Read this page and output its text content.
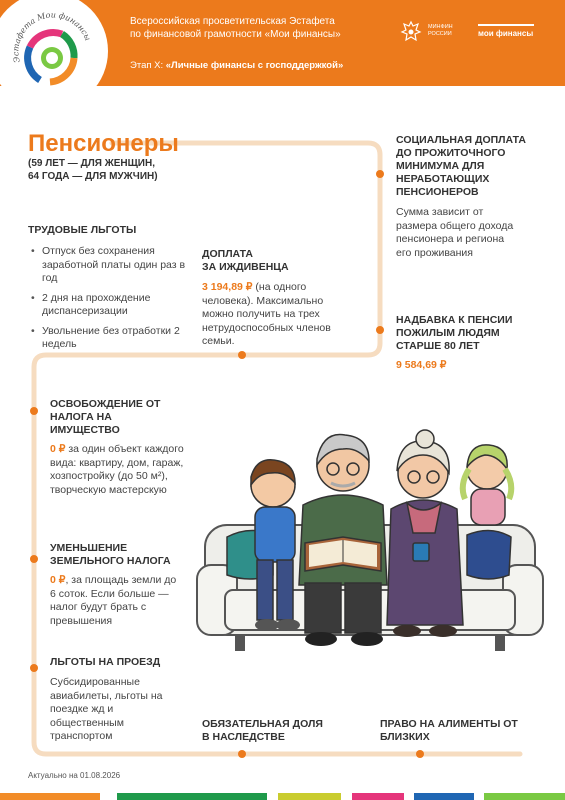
Эстафета Мои финансы
Всероссийская просветительская Эстафета
по финансовой грамотности «Мои финансы»
Этап X: «Личные финансы с господдержкой»
МИНФИН
РОССИИ	мои финансы
Пенсионеры
(59 ЛЕТ — ДЛЯ ЖЕНЩИН,
64 ГОДА — ДЛЯ МУЖЧИН)
ТРУДОВЫЕ ЛЬГОТЫ
• Отпуск без сохранения заработной платы один раз в год
• 2 дня на прохождение диспансеризации
• Увольнение без отработки 2 недель
ДОПЛАТА
ЗА ИЖДИВЕНЦА
3 194,89 ₽ (на одного человека). Максимально можно получить на трех нетрудоспособных членов семьи.
СОЦИАЛЬНАЯ ДОПЛАТА ДО ПРОЖИТОЧНОГО МИНИМУМА ДЛЯ НЕРАБОТАЮЩИХ ПЕНСИОНЕРОВ
Сумма зависит от размера общего дохода пенсионера и региона его проживания
НАДБАВКА К ПЕНСИИ ПОЖИЛЫМ ЛЮДЯМ СТАРШЕ 80 ЛЕТ
9 584,69 ₽
ОСВОБОЖДЕНИЕ ОТ НАЛОГА НА ИМУЩЕСТВО
0 ₽ за один объект каждого вида: квартиру, дом, гараж, хозпостройку (до 50 м²), творческую мастерскую
УМЕНЬШЕНИЕ ЗЕМЕЛЬНОГО НАЛОГА
0 ₽, за площадь земли до 6 соток. Если больше — налог будут брать с превышения
ЛЬГОТЫ НА ПРОЕЗД
Субсидированные авиабилеты, льготы на поездке жд и общественным транспортом
ОБЯЗАТЕЛЬНАЯ ДОЛЯ В НАСЛЕДСТВЕ
ПРАВО НА АЛИМЕНТЫ ОТ БЛИЗКИХ
Актуально на 01.08.2026
